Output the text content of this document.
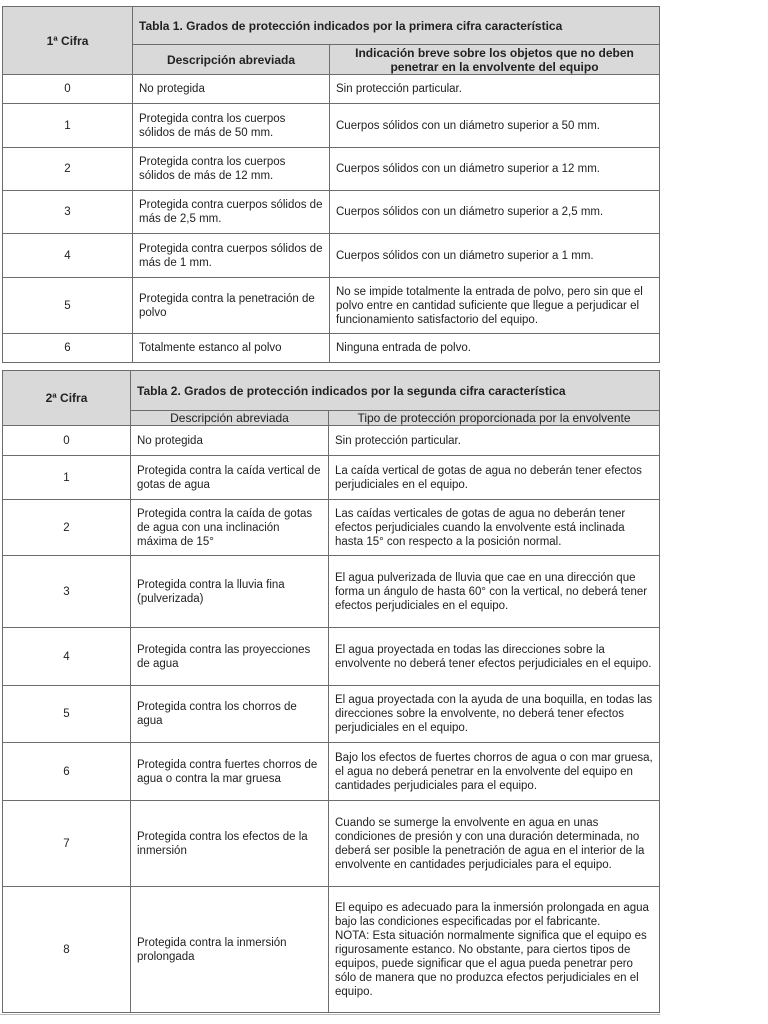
1ª Cifra	Tabla 1. Grados de protección indicados por la primera cifra característica	
	Descripción abreviada	Indicación breve sobre los objetos que no deben penetrar en la envolvente del equipo
0	No protegida	Sin protección particular.
1	Protegida contra los cuerpos sólidos de más de 50 mm.	Cuerpos sólidos con un diámetro superior a 50 mm.
2	Protegida contra los cuerpos sólidos de más de 12 mm.	Cuerpos sólidos con un diámetro superior a 12 mm.
3	Protegida contra cuerpos sólidos de más de 2,5 mm.	Cuerpos sólidos con un diámetro superior a 2,5 mm.
4	Protegida contra cuerpos sólidos de más de 1 mm.	Cuerpos sólidos con un diámetro superior a 1 mm.
5	Protegida contra la penetración de polvo	No se impide totalmente la entrada de polvo, pero sin que el polvo entre en cantidad suficiente que llegue a perjudicar el funcionamiento satisfactorio del equipo.
6	Totalmente estanco al polvo	Ninguna entrada de polvo.
2ª Cifra	Tabla 2. Grados de protección indicados por la segunda cifra característica	
	Descripción abreviada	Tipo de protección proporcionada por la envolvente
0	No protegida	Sin protección particular.
1	Protegida contra la caída vertical de gotas de agua	La caída vertical de gotas de agua no deberán tener efectos perjudiciales en el equipo.
2	Protegida contra la caída de gotas de agua con una inclinación máxima de 15°	Las caídas verticales de gotas de agua no deberán tener efectos perjudiciales cuando la envolvente está inclinada hasta 15° con respecto a la posición normal.
3	Protegida contra la lluvia fina (pulverizada)	El agua pulverizada de lluvia que cae en una dirección que forma un ángulo de hasta 60° con la vertical, no deberá tener efectos perjudiciales en el equipo.
4	Protegida contra las proyecciones de agua	El agua proyectada en todas las direcciones sobre la envolvente no deberá tener efectos perjudiciales en el equipo.
5	Protegida contra los chorros de agua	El agua proyectada con la ayuda de una boquilla, en todas las direcciones sobre la envolvente, no deberá tener efectos perjudiciales en el equipo.
6	Protegida contra fuertes chorros de agua o contra la mar gruesa	Bajo los efectos de fuertes chorros de agua o con mar gruesa, el agua no deberá penetrar en la envolvente del equipo en cantidades perjudiciales para el equipo.
7	Protegida contra los efectos de la inmersión	Cuando se sumerge la envolvente en agua en unas condiciones de presión y con una duración determinada, no deberá ser posible la penetración de agua en el interior de la envolvente en cantidades perjudiciales para el equipo.
8	Protegida contra la inmersión prolongada	El equipo es adecuado para la inmersión prolongada en agua bajo las condiciones especificadas por el fabricante.
NOTA: Esta situación normalmente significa que el equipo es rigurosamente estanco. No obstante, para ciertos tipos de equipos, puede significar que el agua pueda penetrar pero sólo de manera que no produzca efectos perjudiciales en el equipo.
